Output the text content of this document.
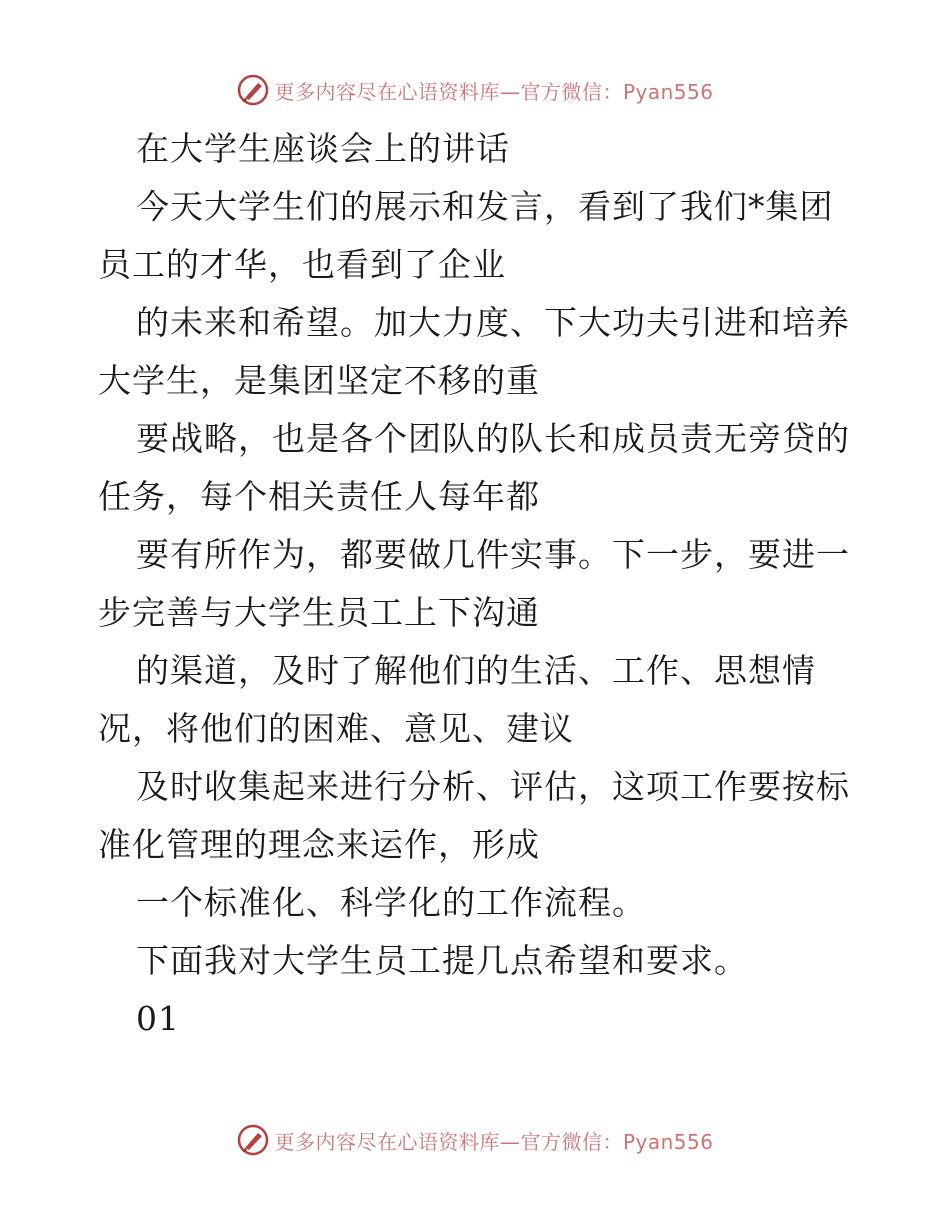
更多内容尽在心语资料库—官方微信：Pyan556
在大学生座谈会上的讲话
今天大学生们的展示和发言，看到了我们*集团
员工的才华，也看到了企业
的未来和希望。加大力度、下大功夫引进和培养
大学生，是集团坚定不移的重
要战略，也是各个团队的队长和成员责无旁贷的
任务，每个相关责任人每年都
要有所作为，都要做几件实事。下一步，要进一
步完善与大学生员工上下沟通
的渠道，及时了解他们的生活、工作、思想情
况，将他们的困难、意见、建议
及时收集起来进行分析、评估，这项工作要按标
准化管理的理念来运作，形成
一个标准化、科学化的工作流程。
下面我对大学生员工提几点希望和要求。
01
更多内容尽在心语资料库—官方微信：Pyan556
